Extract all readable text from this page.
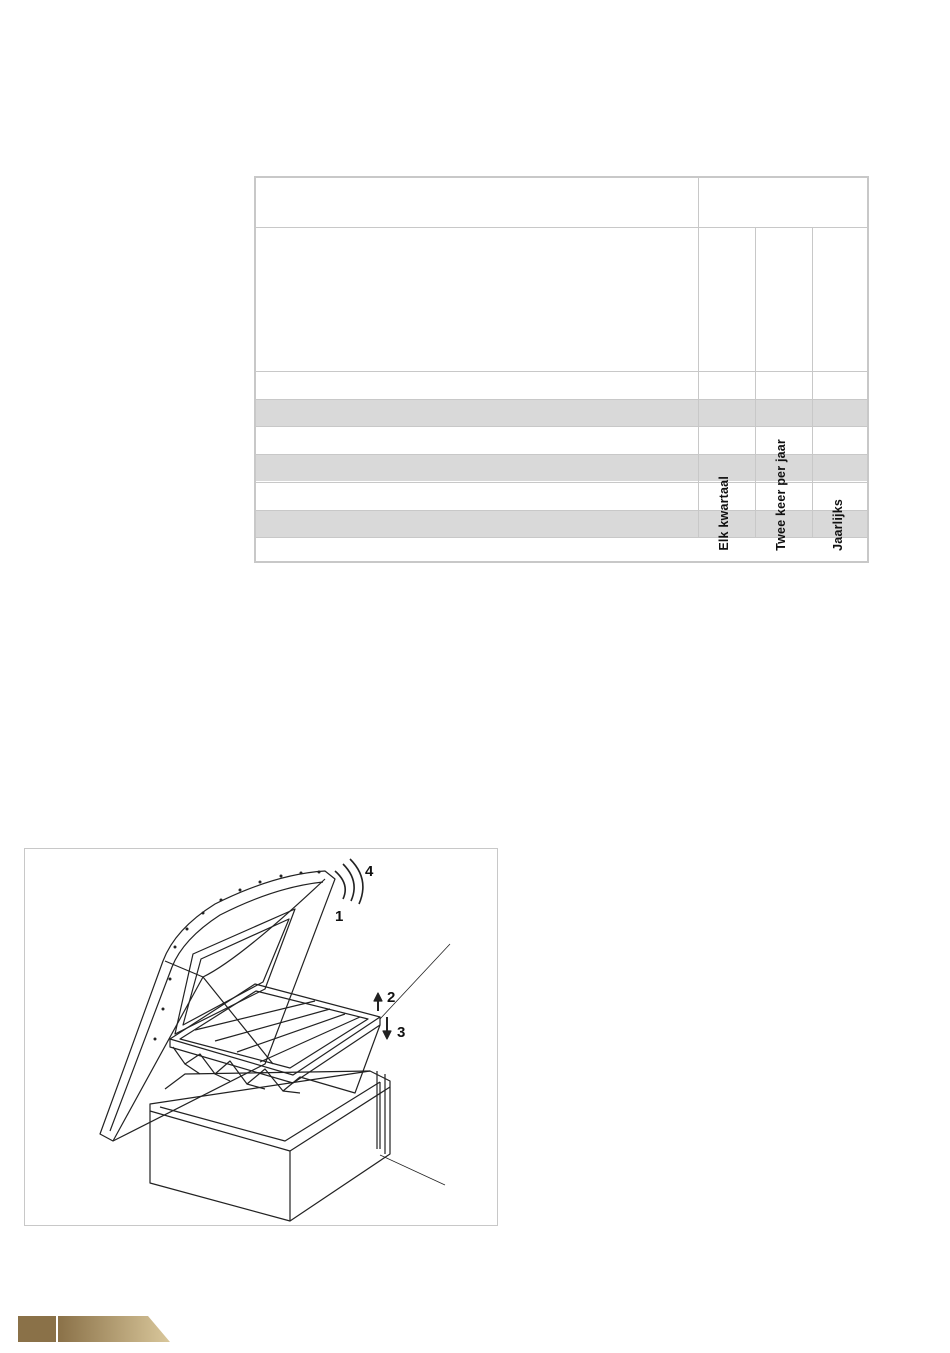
Elk kwartaal	Twee keer per jaar	Jaarlijks
1
2
3
4
